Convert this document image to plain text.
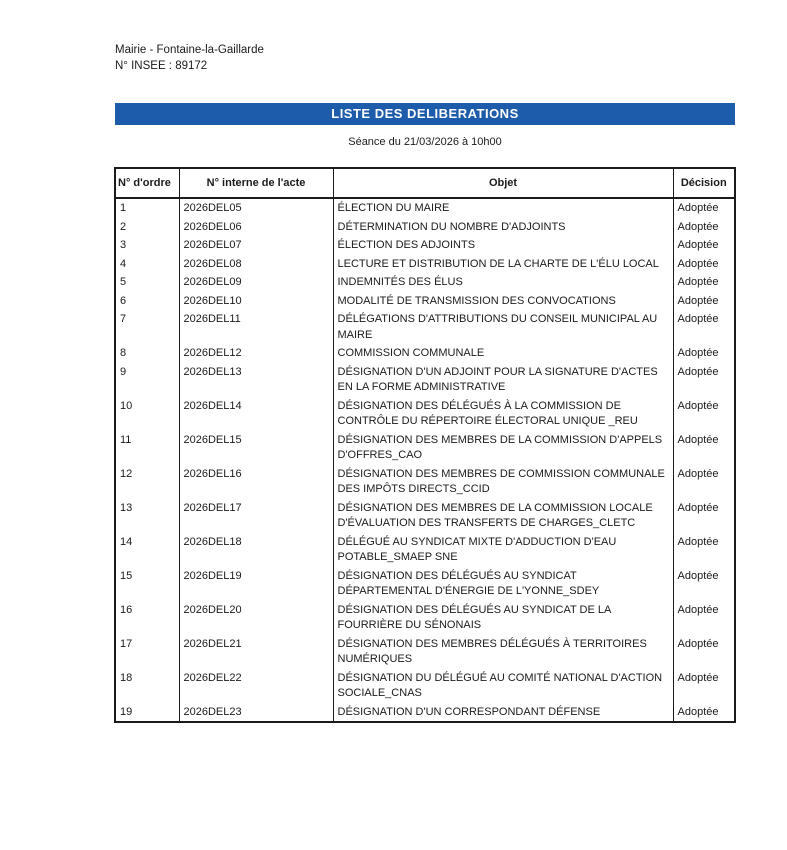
Mairie - Fontaine-la-Gaillarde
N° INSEE : 89172
LISTE DES DELIBERATIONS
Séance du 21/03/2026 à 10h00
N° d'ordre	N° interne de l'acte	Objet	Décision
1	2026DEL05	ÉLECTION DU MAIRE	Adoptée
2	2026DEL06	DÉTERMINATION DU NOMBRE D'ADJOINTS	Adoptée
3	2026DEL07	ÉLECTION DES ADJOINTS	Adoptée
4	2026DEL08	LECTURE ET DISTRIBUTION DE LA CHARTE DE L'ÉLU LOCAL	Adoptée
5	2026DEL09	INDEMNITÉS DES ÉLUS	Adoptée
6	2026DEL10	MODALITÉ DE TRANSMISSION DES CONVOCATIONS	Adoptée
7	2026DEL11	DÉLÉGATIONS D'ATTRIBUTIONS DU CONSEIL MUNICIPAL AU MAIRE	Adoptée
8	2026DEL12	COMMISSION COMMUNALE	Adoptée
9	2026DEL13	DÉSIGNATION D'UN ADJOINT POUR LA SIGNATURE D'ACTES EN LA FORME ADMINISTRATIVE	Adoptée
10	2026DEL14	DÉSIGNATION DES DÉLÉGUÉS À LA COMMISSION DE CONTRÔLE DU RÉPERTOIRE ÉLECTORAL UNIQUE _REU	Adoptée
11	2026DEL15	DÉSIGNATION DES MEMBRES DE LA COMMISSION D'APPELS D'OFFRES_CAO	Adoptée
12	2026DEL16	DÉSIGNATION DES MEMBRES DE COMMISSION COMMUNALE DES IMPÔTS DIRECTS_CCID	Adoptée
13	2026DEL17	DÉSIGNATION DES MEMBRES DE LA COMMISSION LOCALE D'ÉVALUATION DES TRANSFERTS DE CHARGES_CLETC	Adoptée
14	2026DEL18	DÉLÉGUÉ AU SYNDICAT MIXTE D'ADDUCTION D'EAU POTABLE_SMAEP SNE	Adoptée
15	2026DEL19	DÉSIGNATION DES DÉLÉGUÉS AU SYNDICAT DÉPARTEMENTAL D'ÉNERGIE DE L'YONNE_SDEY	Adoptée
16	2026DEL20	DÉSIGNATION DES DÉLÉGUÉS AU SYNDICAT DE LA FOURRIÈRE DU SÉNONAIS	Adoptée
17	2026DEL21	DÉSIGNATION DES MEMBRES DÉLÉGUÉS À TERRITOIRES NUMÉRIQUES	Adoptée
18	2026DEL22	DÉSIGNATION DU DÉLÉGUÉ AU COMITÉ NATIONAL D'ACTION SOCIALE_CNAS	Adoptée
19	2026DEL23	DÉSIGNATION D'UN CORRESPONDANT DÉFENSE	Adoptée
